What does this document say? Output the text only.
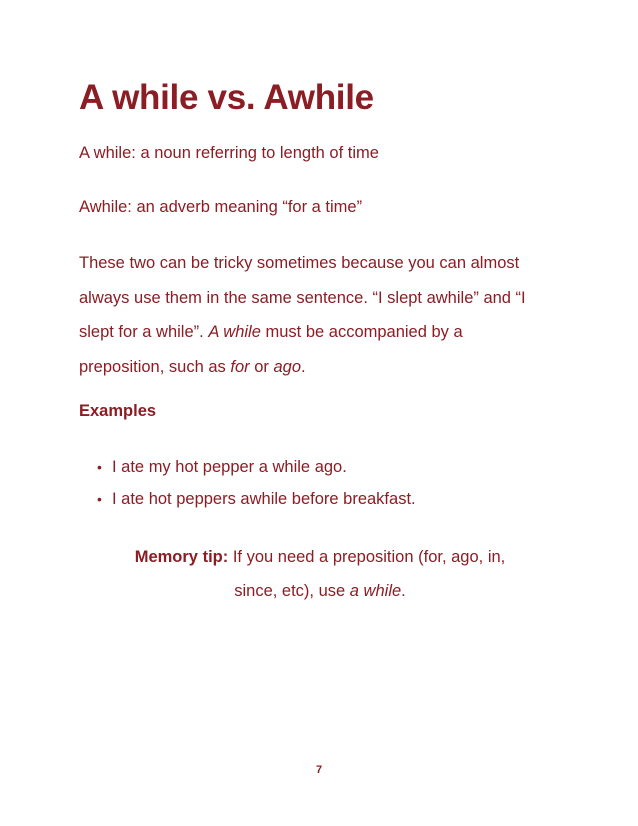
A while vs. Awhile

A while: a noun referring to length of time

Awhile: an adverb meaning “for a time”

These two can be tricky sometimes because you can almost
always use them in the same sentence. “I slept awhile” and “I
slept for a while”. A while must be accompanied by a
preposition, such as for or ago.

Examples
• I ate my hot pepper a while ago.
• I ate hot peppers awhile before breakfast.
Memory tip: If you need a preposition (for, ago, in,
since, etc), use a while.
7
